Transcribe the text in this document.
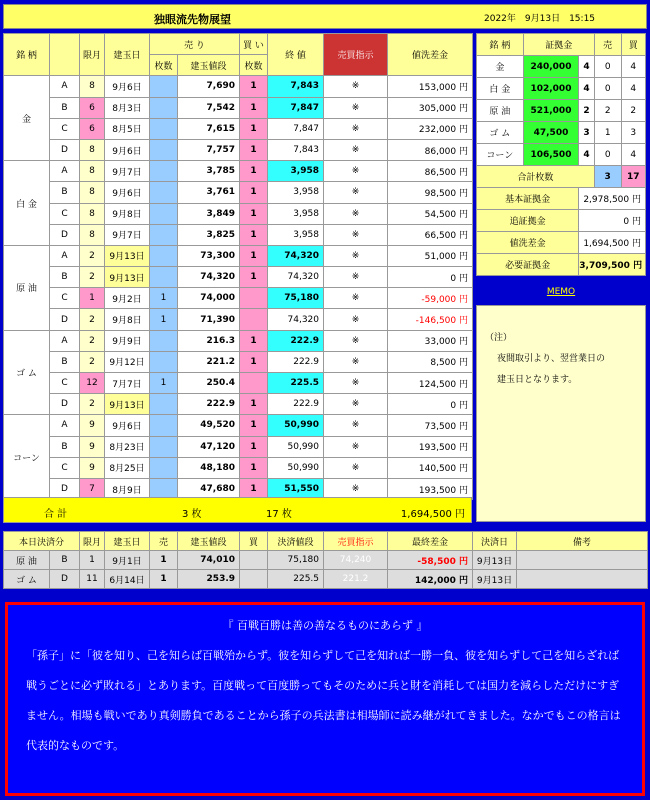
独眼流先物展望	2022年　9月13日　15:15
銘 柄		限月	建玉日	売 り		買 い	終 値	売買指示	値洗差金
				枚数	建玉値段	枚数			
金	A	8	9月6日		7,690	1	7,843	※	153,000 円
	B	6	8月3日		7,542	1	7,847	※	305,000 円
	C	6	8月5日		7,615	1	7,847	※	232,000 円
	D	8	9月6日		7,757	1	7,843	※	86,000 円
白 金	A	8	9月7日		3,785	1	3,958	※	86,500 円
	B	8	9月6日		3,761	1	3,958	※	98,500 円
	C	8	9月8日		3,849	1	3,958	※	54,500 円
	D	8	9月7日		3,825	1	3,958	※	66,500 円
原 油	A	2	9月13日		73,300	1	74,320	※	51,000 円
	B	2	9月13日		74,320	1	74,320	※	0 円
	C	1	9月2日	1	74,000		75,180	※	-59,000 円
	D	2	9月8日	1	71,390		74,320	※	-146,500 円
ゴ ム	A	2	9月9日		216.3	1	222.9	※	33,000 円
	B	2	9月12日		221.2	1	222.9	※	8,500 円
	C	12	7月7日	1	250.4		225.5	※	124,500 円
	D	2	9月13日		222.9	1	222.9	※	0 円
コーン	A	9	9月6日		49,520	1	50,990	※	73,500 円
	B	9	8月23日		47,120	1	50,990	※	193,500 円
	C	9	8月25日		48,180	1	50,990	※	140,500 円
	D	7	8月9日		47,680	1	51,550	※	193,500 円
合 計	3 枚	17 枚	1,694,500 円
銘 柄	証拠金		売	買
金	240,000	4	0	4
白 金	102,000	4	0	4
原 油	521,000	2	2	2
ゴ ム	47,500	3	1	3
コーン	106,500	4	0	4
合計枚数			3	17
基本証拠金		2,978,500 円		
追証拠金		0 円		
値洗差金		1,694,500 円		
必要証拠金		3,709,500 円		
MEMO
（注）
夜間取引より、翌営業日の
建玉日となります。
本日決済分		限月	建玉日	売	建玉値段	買	決済値段	売買指示	最終差金	決済日	備考
原 油	B	1	9月1日	1	74,010		75,180	74,240	-58,500 円	9月13日	
ゴ ム	D	11	6月14日	1	253.9		225.5	221.2	142,000 円	9月13日	
『 百戦百勝は善の善なるものにあらず 』
「孫子」に「彼を知り、己を知らば百戦殆からず。彼を知らずして己を知れば一勝一負、彼を知らずして己を知らざれば戦うごとに必ず敗れる」とあります。百度戦って百度勝ってもそのために兵と財を消耗しては国力を減らしただけにすぎません。相場も戦いであり真剣勝負であることから孫子の兵法書は相場師に読み継がれてきました。なかでもこの格言は代表的なものです。
